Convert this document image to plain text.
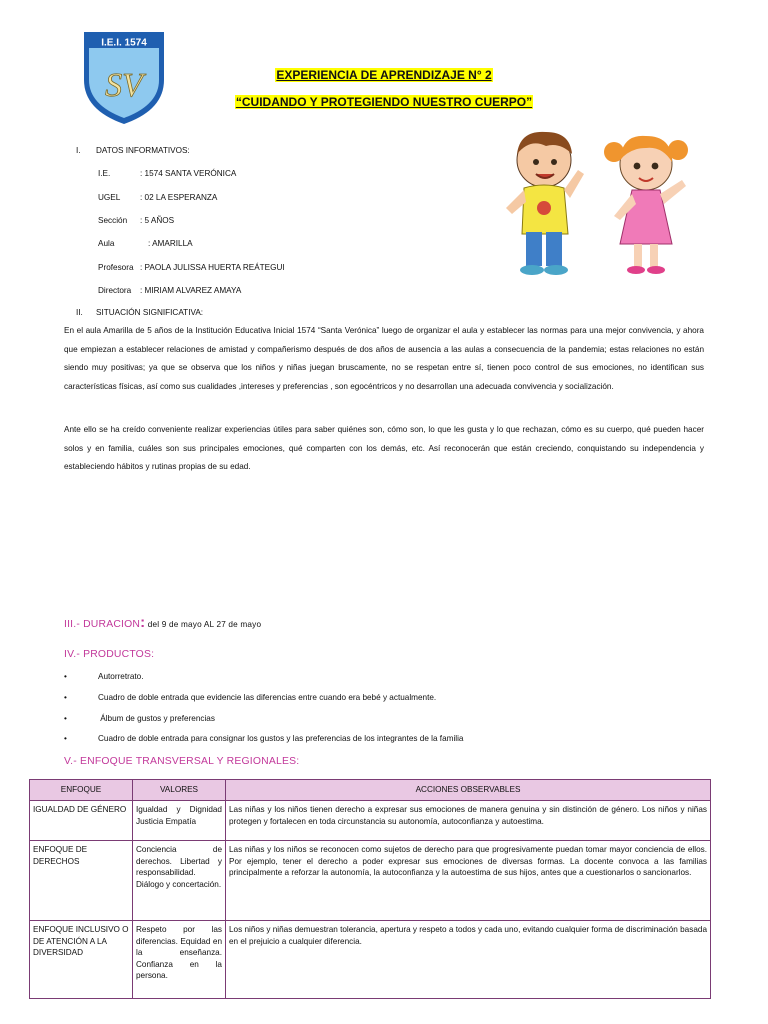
I.E.I. 1574
SV	EXPERIENCIA DE APRENDIZAJE N° 2
“CUIDANDO Y PROTEGIENDO NUESTRO CUERPO”
I. DATOS INFORMATIVOS:
I.E.	: 1574 SANTA VERÓNICA
UGEL : 02 LA ESPERANZA
Sección : 5 AÑOS
Aula	: AMARILLA
Profesora : PAOLA JULISSA HUERTA REÁTEGUI
Directora : MIRIAM ALVAREZ AMAYA
II. SITUACIÓN SIGNIFICATIVA:
En el aula Amarilla de 5 años de la Institución Educativa Inicial 1574 “Santa Verónica” luego de organizar el aula y establecer las normas para una mejor convivencia, y ahora que empiezan a establecer relaciones de amistad y compañerismo después de dos años de ausencia a las aulas a consecuencia de la pandemia; estas relaciones no están siendo muy positivas; ya que se observa que los niños y niñas juegan bruscamente, no se respetan entre sí, tienen poco control de sus emociones, no identifican sus características físicas, así como sus cualidades ,intereses y preferencias , son egocéntricos y no desarrollan una adecuada convivencia y socialización.
Ante ello se ha creído conveniente realizar experiencias útiles para saber quiénes son, cómo son, lo que les gusta y lo que rechazan, cómo es su cuerpo, qué pueden hacer solos y en familia, cuáles son sus principales emociones, qué comparten con los demás, etc. Así reconocerán que están creciendo, conquistando su independencia y estableciendo hábitos y rutinas propias de su edad.
III.- DURACION: del 9 de mayo AL 27 de mayo
IV.- PRODUCTOS:
•	Autorretrato.
•	Cuadro de doble entrada que evidencie las diferencias entre cuando era bebé y actualmente.
•	Álbum de gustos y preferencias
•	Cuadro de doble entrada para consignar los gustos y las preferencias de los integrantes de la familia
V.- ENFOQUE TRANSVERSAL Y REGIONALES:
ENFOQUE	VALORES	ACCIONES OBSERVABLES
IGUALDAD DE GÉNERO	Igualdad y Dignidad Justicia Empatía	Las niñas y los niños tienen derecho a expresar sus emociones de manera genuina y sin distinción de género. Los niños y niñas protegen y fortalecen en toda circunstancia su autonomía, autoconfianza y autoestima.
ENFOQUE DE DERECHOS	Conciencia de derechos. Libertad y responsabilidad. Diálogo y concertación.	Las niñas y los niños se reconocen como sujetos de derecho para que progresivamente puedan tomar mayor conciencia de ellos. Por ejemplo, tener el derecho a poder expresar sus emociones de diversas formas. La docente convoca a las familias principalmente a reforzar la autonomía, la autoconfianza y la autoestima de sus hijos, antes que a cuestionarlos o sancionarlos.
ENFOQUE INCLUSIVO O DE ATENCIÓN A LA DIVERSIDAD	Respeto por las diferencias. Equidad en la enseñanza. Confianza en la persona.	Los niños y niñas demuestran tolerancia, apertura y respeto a todos y cada uno, evitando cualquier forma de discriminación basada en el prejuicio a cualquier diferencia.
